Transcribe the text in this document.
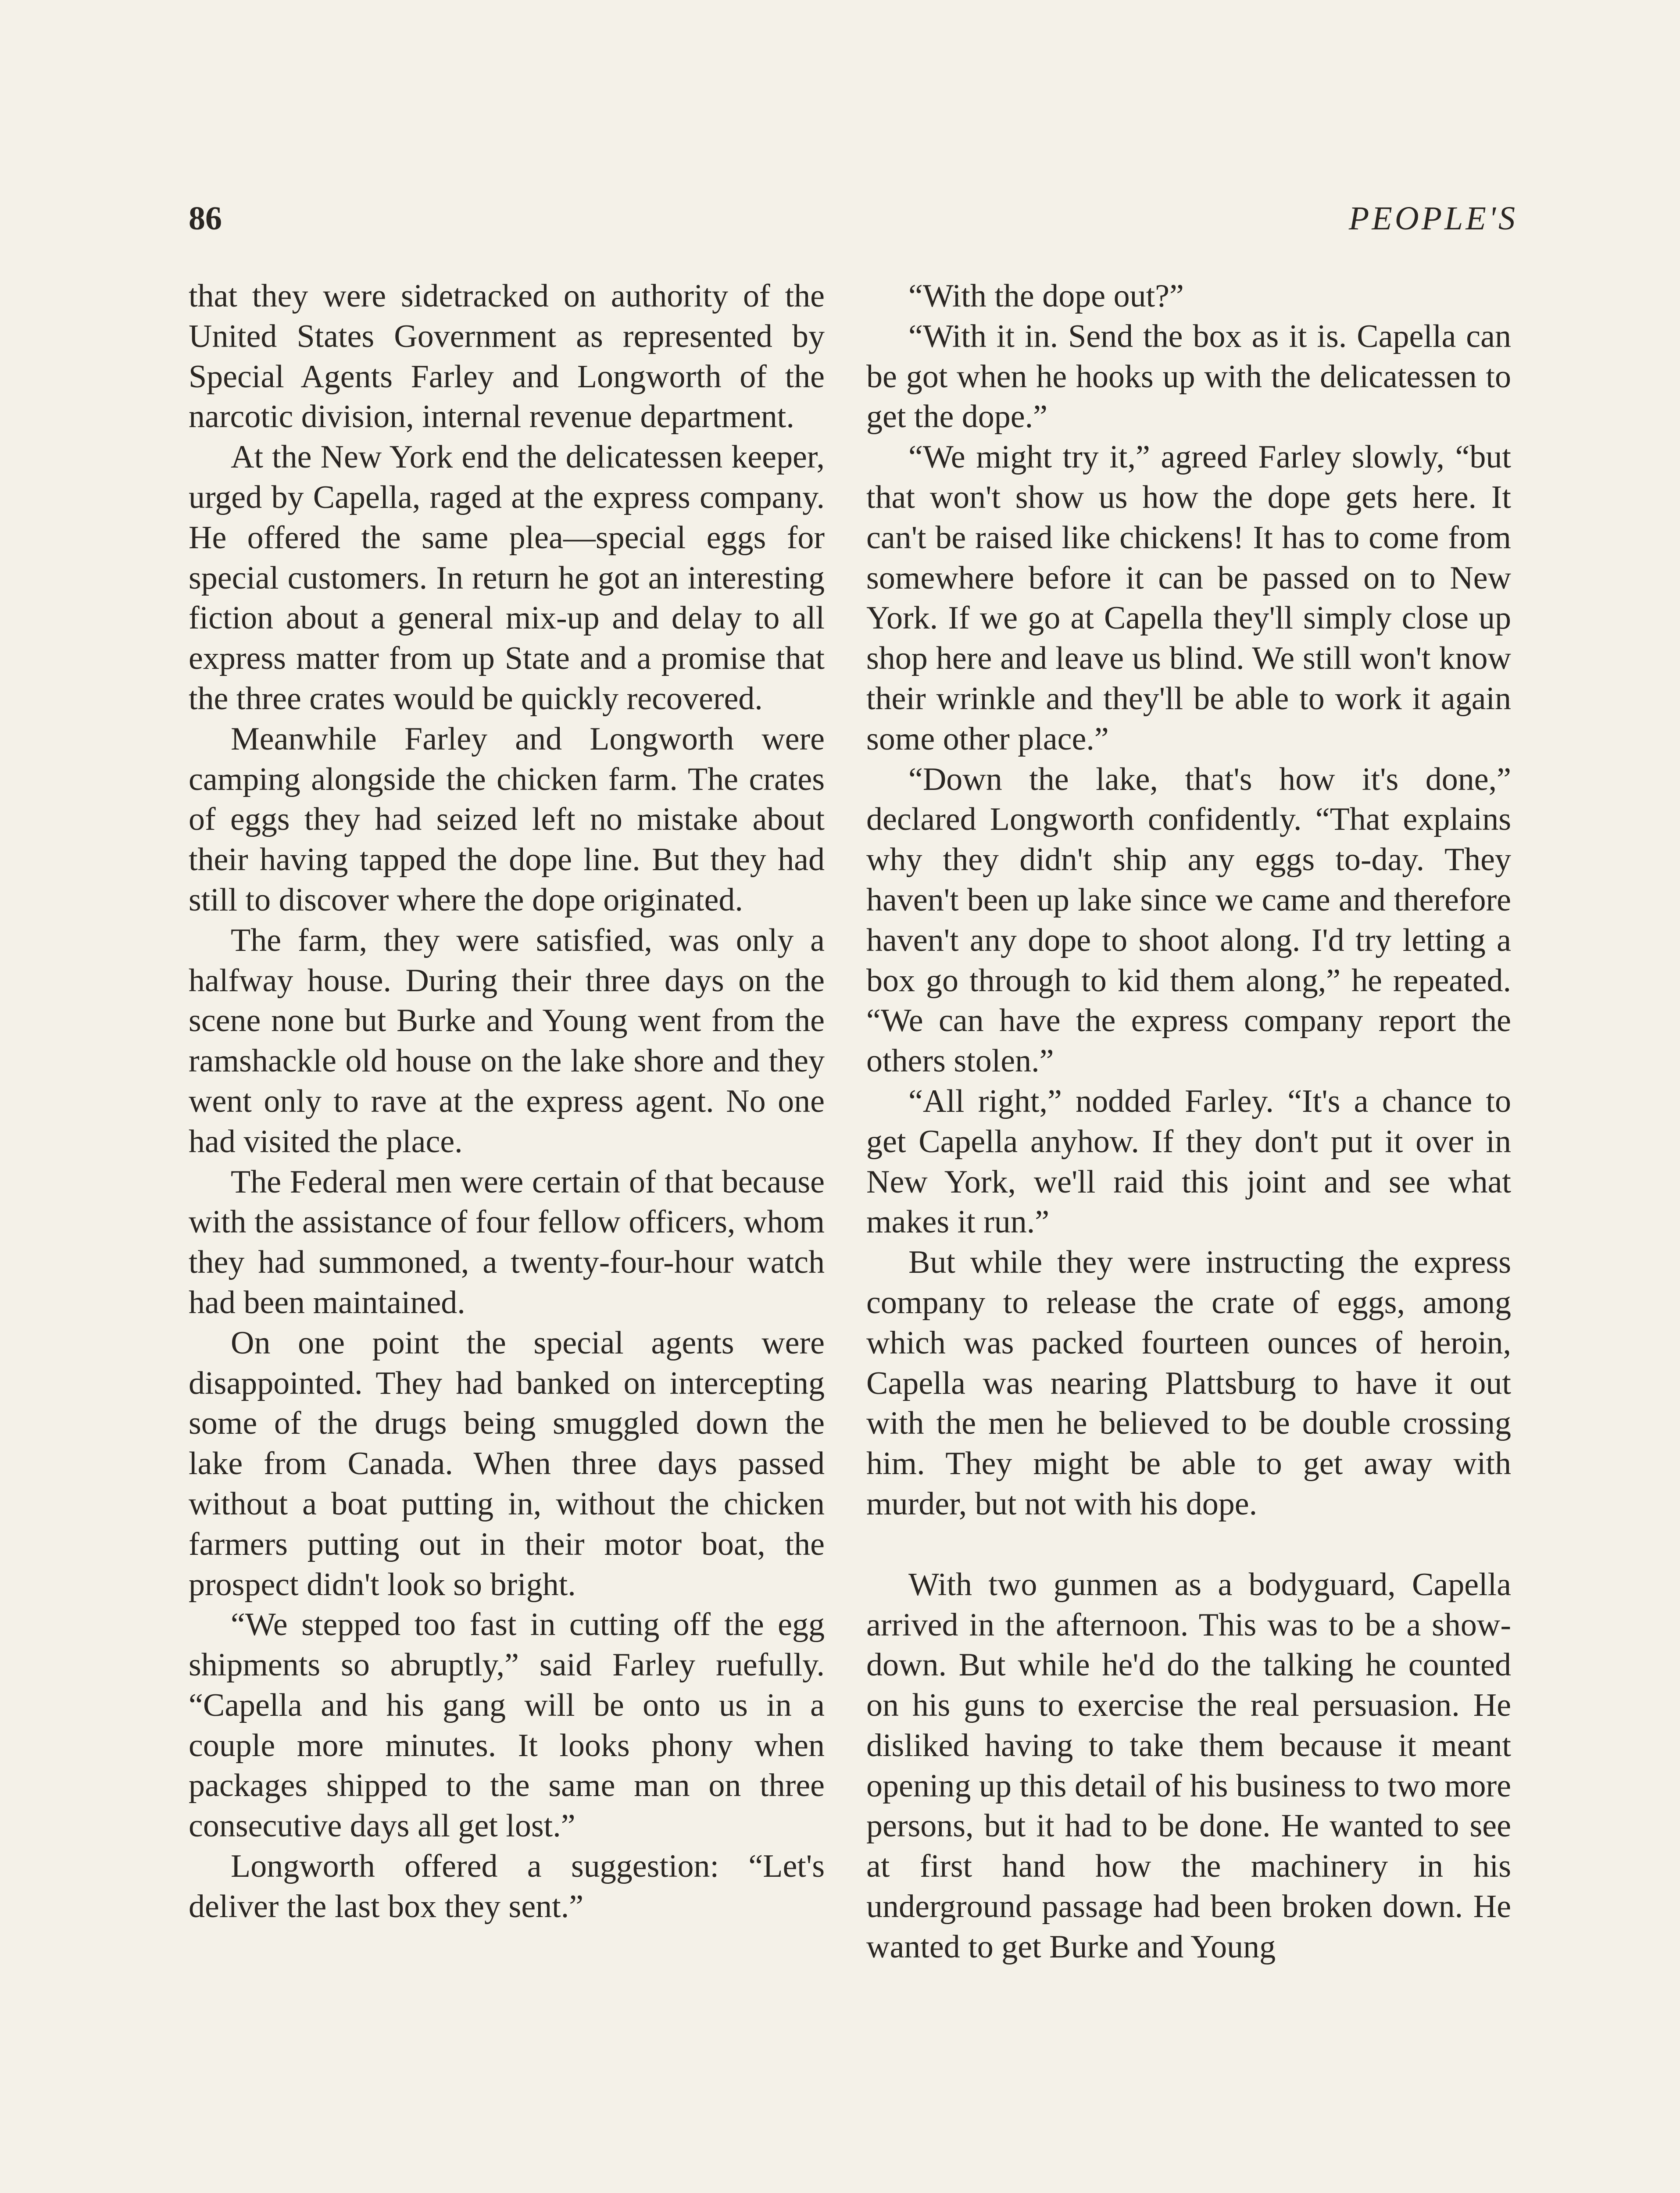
86	PEOPLE'S

that they were sidetracked on authority of the United States Government as represented by Special Agents Farley and Longworth of the narcotic division, internal revenue department.

At the New York end the delicatessen keeper, urged by Capella, raged at the express company. He offered the same plea—special eggs for special customers. In return he got an interesting fiction about a general mix-up and delay to all express matter from up State and a promise that the three crates would be quickly recovered.

Meanwhile Farley and Longworth were camping alongside the chicken farm. The crates of eggs they had seized left no mistake about their having tapped the dope line. But they had still to discover where the dope originated.

The farm, they were satisfied, was only a halfway house. During their three days on the scene none but Burke and Young went from the ramshackle old house on the lake shore and they went only to rave at the express agent. No one had visited the place.

The Federal men were certain of that because with the assistance of four fellow officers, whom they had summoned, a twenty-four-hour watch had been maintained.

On one point the special agents were disappointed. They had banked on intercepting some of the drugs being smuggled down the lake from Canada. When three days passed without a boat putting in, without the chicken farmers putting out in their motor boat, the prospect didn't look so bright.

“We stepped too fast in cutting off the egg shipments so abruptly,” said Farley ruefully. “Capella and his gang will be onto us in a couple more minutes. It looks phony when packages shipped to the same man on three consecutive days all get lost.”

Longworth offered a suggestion: “Let's deliver the last box they sent.”

“With the dope out?”

“With it in. Send the box as it is. Capella can be got when he hooks up with the delicatessen to get the dope.”

“We might try it,” agreed Farley slowly, “but that won't show us how the dope gets here. It can't be raised like chickens! It has to come from somewhere before it can be passed on to New York. If we go at Capella they'll simply close up shop here and leave us blind. We still won't know their wrinkle and they'll be able to work it again some other place.”

“Down the lake, that's how it's done,” declared Longworth confidently. “That explains why they didn't ship any eggs to-day. They haven't been up lake since we came and therefore haven't any dope to shoot along. I'd try letting a box go through to kid them along,” he repeated. “We can have the express company report the others stolen.”

“All right,” nodded Farley. “It's a chance to get Capella anyhow. If they don't put it over in New York, we'll raid this joint and see what makes it run.”

But while they were instructing the express company to release the crate of eggs, among which was packed fourteen ounces of heroin, Capella was nearing Plattsburg to have it out with the men he believed to be double crossing him. They might be able to get away with murder, but not with his dope.

With two gunmen as a bodyguard, Capella arrived in the afternoon. This was to be a show-down. But while he'd do the talking he counted on his guns to exercise the real persuasion. He disliked having to take them because it meant opening up this detail of his business to two more persons, but it had to be done. He wanted to see at first hand how the machinery in his underground passage had been broken down. He wanted to get Burke and Young
